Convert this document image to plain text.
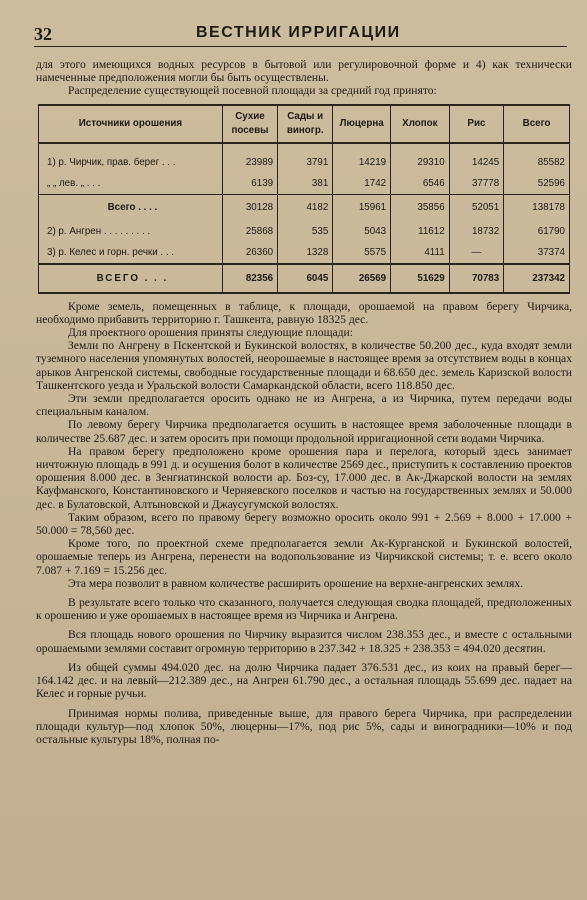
32	ВЕСТНИК ИРРИГАЦИИ

для этого имеющихся водных ресурсов в бытовой или регулировочной форме и 4) как технически намеченные предположения могли бы быть осуществлены.

Распределение существующей посевной площади за средний год принято:

Источники орошения	Сухие посевы	Сады и виногр.	Люцерна	Хлопок	Рис	Всего

1) р. Чирчик, прав. берег . . .	23989	3791	14219	29310	14245	85582
„ „ лев. „ . . .	6139	381	1742	6546	37778	52596
Всего . . . .	30128	4182	15961	35856	52051	138178
2) р. Ангрен . . . . . . . . .	25868	535	5043	11612	18732	61790
3) р. Келес и горн. речки . . .	26360	1328	5575	4111	—	37374
ВСЕГО . . .	82356	6045	26569	51629	70783	237342

Кроме земель, помещенных в таблице, к площади, орошаемой на правом берегу Чирчика, необходимо прибавить территорию г. Ташкента, равную 18325 дес.

Для проектного орошения приняты следующие площади:

Земли по Ангрену в Пскентской и Букинской волостях, в количестве 50.200 дес., куда входят земли туземного населения упомянутых волостей, неорошаемые в настоящее время за отсутствием воды в концах арыков Ангренской системы, свободные государственные площади и 68.650 дес. земель Каризской волости Ташкентского уезда и Уральской волости Самаркандской области, всего 118.850 дес.

Эти земли предполагается оросить однако не из Ангрена, а из Чирчика, путем передачи воды специальным каналом.

По левому берегу Чирчика предполагается осушить в настоящее время заболоченные площади в количестве 25.687 дес. и затем оросить при помощи продольной ирригационной сети водами Чирчика.

На правом берегу предположено кроме орошения пара и перелога, который здесь занимает ничтожную площадь в 991 д. и осушения болот в количестве 2569 дес., приступить к составлению проектов орошения 8.000 дес. в Зенгиатинской волости ар. Боз-су, 17.000 дес. в Ак-Джарской волости на землях Кауфманского, Константиновского и Черняевского поселков и частью на государственных землях и 50.000 дес. в Булатовской, Алтыновской и Джаусугумской волостях.

Таким образом, всего по правому берегу возможно оросить около 991 + 2.569 + 8.000 + 17.000 + 50.000 = 78,560 дес.

Кроме того, по проектной схеме предполагается земли Ак-Курганской и Букинской волостей, орошаемые теперь из Ангрена, перенести на водопользование из Чирчикской системы; т. е. всего около 7.087 + 7.169 = 15.256 дес.

Эта мера позволит в равном количестве расширить орошение на верхне-ангренских землях.

В результате всего только что сказанного, получается следующая сводка площадей, предположенных к орошению и уже орошаемых в настоящее время из Чирчика и Ангрена.

Вся площадь нового орошения по Чирчику выразится числом 238.353 дес., и вместе с остальными орошаемыми землями составит огромную территорию в 237.342 + 18.325 + 238.353 = 494.020 десятин.

Из общей суммы 494.020 дес. на долю Чирчика падает 376.531 дес., из коих на правый берег—164.142 дес. и на левый—212.389 дес., на Ангрен 61.790 дес., а остальная площадь 55.699 дес. падает на Келес и горные ручьи.

Принимая нормы полива, приведенные выше, для правого берега Чирчика, при распределении площади культур—под хлопок 50%, люцерны—17%, под рис 5%, сады и виноградники—10% и под остальные культуры 18%, полная по-
